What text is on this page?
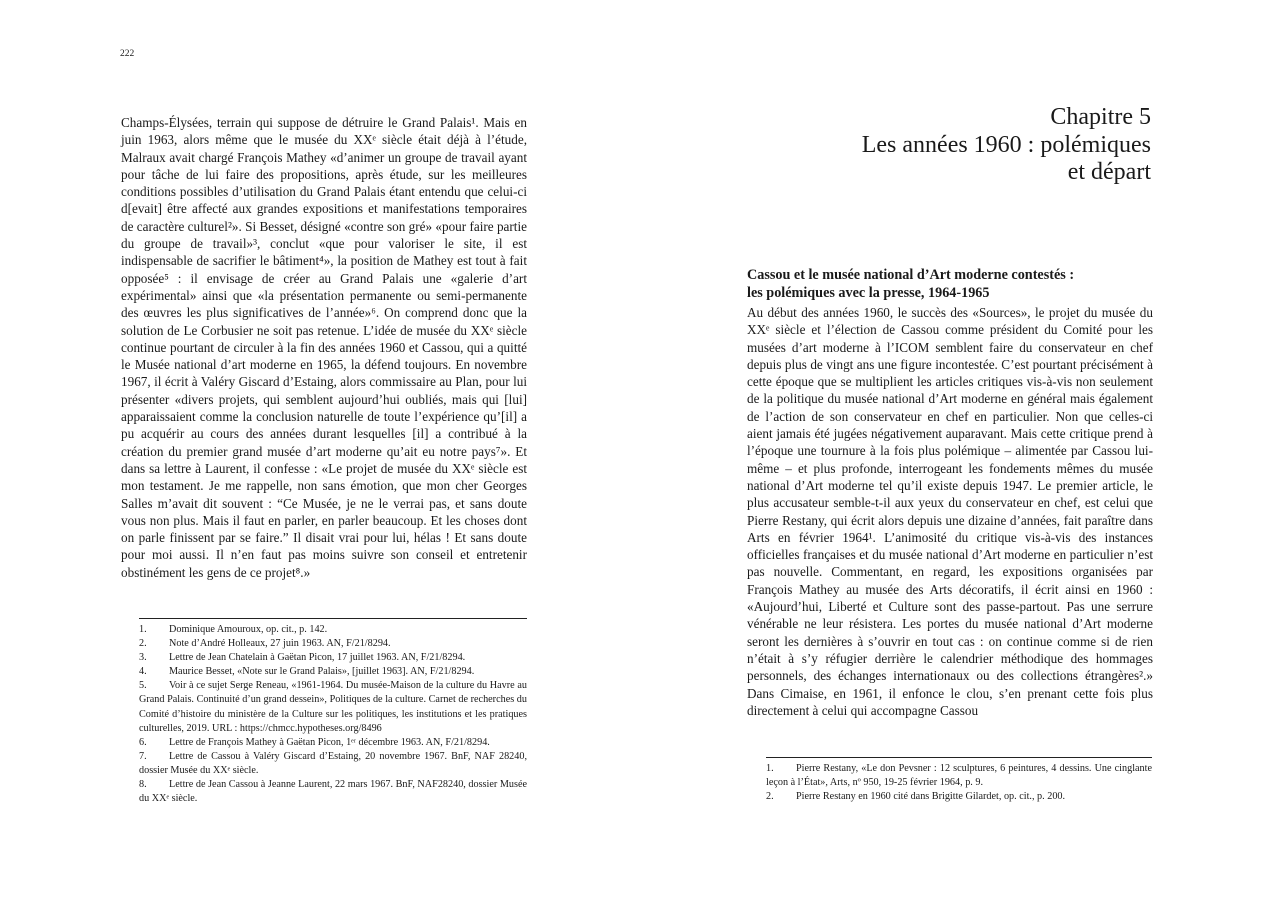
222

Champs-Élysées, terrain qui suppose de détruire le Grand Palais¹. Mais en juin 1963, alors même que le musée du XXᵉ siècle était déjà à l’étude, Malraux avait chargé François Mathey «d’animer un groupe de travail ayant pour tâche de lui faire des propositions, après étude, sur les meilleures conditions possibles d’utilisation du Grand Palais étant entendu que celui-ci d[evait] être affecté aux grandes expositions et manifestations temporaires de caractère culturel²». Si Besset, désigné «contre son gré» «pour faire partie du groupe de travail»³, conclut «que pour valoriser le site, il est indispensable de sacrifier le bâtiment⁴», la position de Mathey est tout à fait opposée⁵ : il envisage de créer au Grand Palais une «galerie d’art expérimental» ainsi que «la présentation permanente ou semi-permanente des œuvres les plus significatives de l’année»⁶. On comprend donc que la solution de Le Corbusier ne soit pas retenue. L’idée de musée du XXᵉ siècle continue pourtant de circuler à la fin des années 1960 et Cassou, qui a quitté le Musée national d’art moderne en 1965, la défend toujours. En novembre 1967, il écrit à Valéry Giscard d’Estaing, alors commissaire au Plan, pour lui présenter «divers projets, qui semblent aujourd’hui oubliés, mais qui [lui] apparaissaient comme la conclusion naturelle de toute l’expérience qu’[il] a pu acquérir au cours des années durant lesquelles [il] a contribué à la création du premier grand musée d’art moderne qu’ait eu notre pays⁷». Et dans sa lettre à Laurent, il confesse : «Le projet de musée du XXᵉ siècle est mon testament. Je me rappelle, non sans émotion, que mon cher Georges Salles m’avait dit souvent : “Ce Musée, je ne le verrai pas, et sans doute vous non plus. Mais il faut en parler, en parler beaucoup. Et les choses dont on parle finissent par se faire.” Il disait vrai pour lui, hélas ! Et sans doute pour moi aussi. Il n’en faut pas moins suivre son conseil et entretenir obstinément les gens de ce projet⁸.»

1. Dominique Amouroux, op. cit., p. 142.
2. Note d’André Holleaux, 27 juin 1963. AN, F/21/8294.
3. Lettre de Jean Chatelain à Gaëtan Picon, 17 juillet 1963. AN, F/21/8294.
4. Maurice Besset, «Note sur le Grand Palais», [juillet 1963]. AN, F/21/8294.
5. Voir à ce sujet Serge Reneau, «1961-1964. Du musée-Maison de la culture du Havre au Grand Palais. Continuité d’un grand dessein», Politiques de la culture. Carnet de recherches du Comité d’histoire du ministère de la Culture sur les politiques, les institutions et les pratiques culturelles, 2019. URL : https://chmcc.hypotheses.org/8496
6. Lettre de François Mathey à Gaëtan Picon, 1ᵉʳ décembre 1963. AN, F/21/8294.
7. Lettre de Cassou à Valéry Giscard d’Estaing, 20 novembre 1967. BnF, NAF 28240, dossier Musée du XXᵉ siècle.
8. Lettre de Jean Cassou à Jeanne Laurent, 22 mars 1967. BnF, NAF28240, dossier Musée du XXᵉ siècle.
Chapitre 5
Les années 1960 : polémiques
et départ
Cassou et le musée national d’Art moderne contestés :
les polémiques avec la presse, 1964-1965

Au début des années 1960, le succès des «Sources», le projet du musée du XXᵉ siècle et l’élection de Cassou comme président du Comité pour les musées d’art moderne à l’ICOM semblent faire du conservateur en chef depuis plus de vingt ans une figure incontestée. C’est pourtant précisément à cette époque que se multiplient les articles critiques vis-à-vis non seulement de la politique du musée national d’Art moderne en général mais également de l’action de son conservateur en chef en particulier. Non que celles-ci aient jamais été jugées négativement auparavant. Mais cette critique prend à l’époque une tournure à la fois plus polémique – alimentée par Cassou lui-même – et plus profonde, interrogeant les fondements mêmes du musée national d’Art moderne tel qu’il existe depuis 1947. Le premier article, le plus accusateur semble-t-il aux yeux du conservateur en chef, est celui que Pierre Restany, qui écrit alors depuis une dizaine d’années, fait paraître dans Arts en février 1964¹. L’animosité du critique vis-à-vis des instances officielles françaises et du musée national d’Art moderne en particulier n’est pas nouvelle. Commentant, en regard, les expositions organisées par François Mathey au musée des Arts décoratifs, il écrit ainsi en 1960 : «Aujourd’hui, Liberté et Culture sont des passe-partout. Pas une serrure vénérable ne leur résistera. Les portes du musée national d’Art moderne seront les dernières à s’ouvrir en tout cas : on continue comme si de rien n’était à s’y réfugier derrière le calendrier méthodique des hommages personnels, des échanges internationaux ou des collections étrangères².» Dans Cimaise, en 1961, il enfonce le clou, s’en prenant cette fois plus directement à celui qui accompagne Cassou

1. Pierre Restany, «Le don Pevsner : 12 sculptures, 6 peintures, 4 dessins. Une cinglante leçon à l’État», Arts, nº 950, 19-25 février 1964, p. 9.
2. Pierre Restany en 1960 cité dans Brigitte Gilardet, op. cit., p. 200.
